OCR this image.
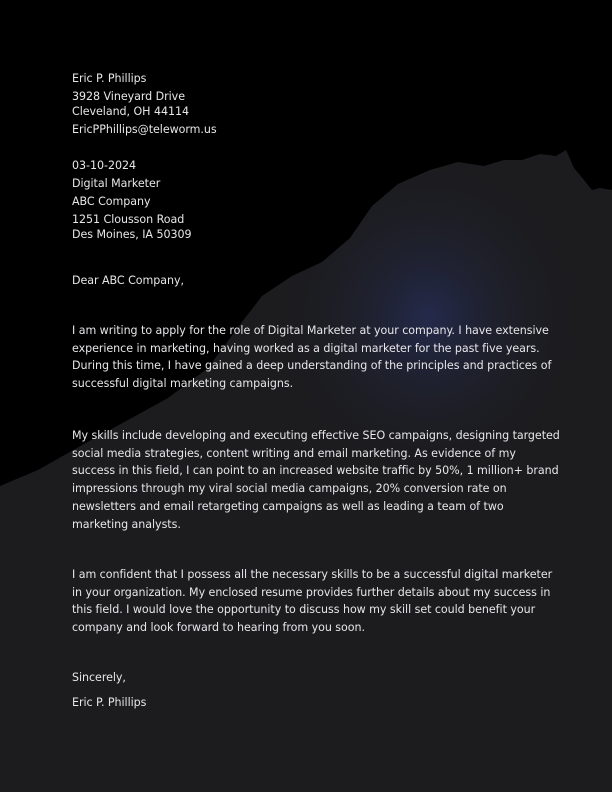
Eric P. Phillips

3928 Vineyard Drive

Cleveland, OH 44114

EricPPhillips@teleworm.us

03-10-2024

Digital Marketer

ABC Company

1251 Clousson Road

Des Moines, IA 50309

Dear ABC Company,

I am writing to apply for the role of Digital Marketer at your company. I have extensive
experience in marketing, having worked as a digital marketer for the past five years.
During this time, I have gained a deep understanding of the principles and practices of
successful digital marketing campaigns.

My skills include developing and executing effective SEO campaigns, designing targeted
social media strategies, content writing and email marketing. As evidence of my
success in this field, I can point to an increased website traffic by 50%, 1 million+ brand
impressions through my viral social media campaigns, 20% conversion rate on
newsletters and email retargeting campaigns as well as leading a team of two
marketing analysts.

I am confident that I possess all the necessary skills to be a successful digital marketer
in your organization. My enclosed resume provides further details about my success in
this field. I would love the opportunity to discuss how my skill set could benefit your
company and look forward to hearing from you soon.

Sincerely,

Eric P. Phillips
